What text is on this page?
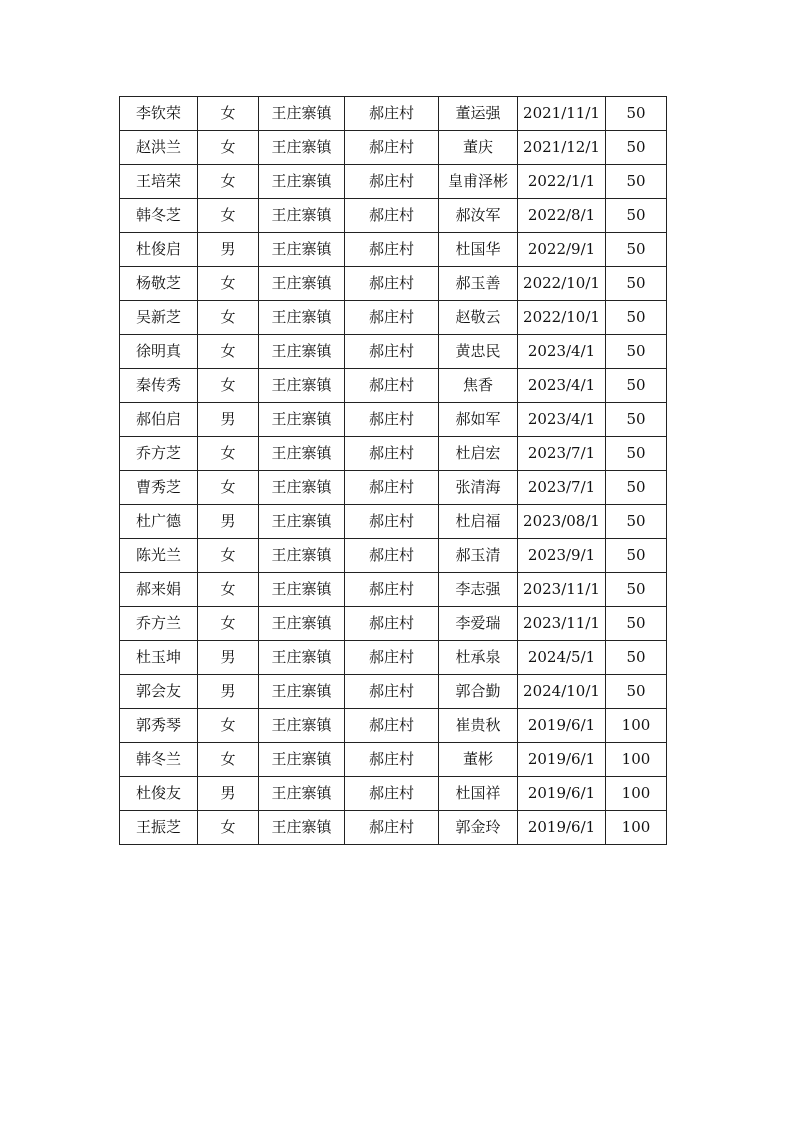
李钦荣	女	王庄寨镇	郝庄村	董运强	2021/11/1	50
赵洪兰	女	王庄寨镇	郝庄村	董庆	2021/12/1	50
王培荣	女	王庄寨镇	郝庄村	皇甫泽彬	2022/1/1	50
韩冬芝	女	王庄寨镇	郝庄村	郝汝军	2022/8/1	50
杜俊启	男	王庄寨镇	郝庄村	杜国华	2022/9/1	50
杨敬芝	女	王庄寨镇	郝庄村	郝玉善	2022/10/1	50
吴新芝	女	王庄寨镇	郝庄村	赵敬云	2022/10/1	50
徐明真	女	王庄寨镇	郝庄村	黄忠民	2023/4/1	50
秦传秀	女	王庄寨镇	郝庄村	焦香	2023/4/1	50
郝伯启	男	王庄寨镇	郝庄村	郝如军	2023/4/1	50
乔方芝	女	王庄寨镇	郝庄村	杜启宏	2023/7/1	50
曹秀芝	女	王庄寨镇	郝庄村	张清海	2023/7/1	50
杜广德	男	王庄寨镇	郝庄村	杜启福	2023/08/1	50
陈光兰	女	王庄寨镇	郝庄村	郝玉清	2023/9/1	50
郝来娟	女	王庄寨镇	郝庄村	李志强	2023/11/1	50
乔方兰	女	王庄寨镇	郝庄村	李爱瑞	2023/11/1	50
杜玉坤	男	王庄寨镇	郝庄村	杜承泉	2024/5/1	50
郭会友	男	王庄寨镇	郝庄村	郭合勤	2024/10/1	50
郭秀琴	女	王庄寨镇	郝庄村	崔贵秋	2019/6/1	100
韩冬兰	女	王庄寨镇	郝庄村	董彬	2019/6/1	100
杜俊友	男	王庄寨镇	郝庄村	杜国祥	2019/6/1	100
王振芝	女	王庄寨镇	郝庄村	郭金玲	2019/6/1	100
